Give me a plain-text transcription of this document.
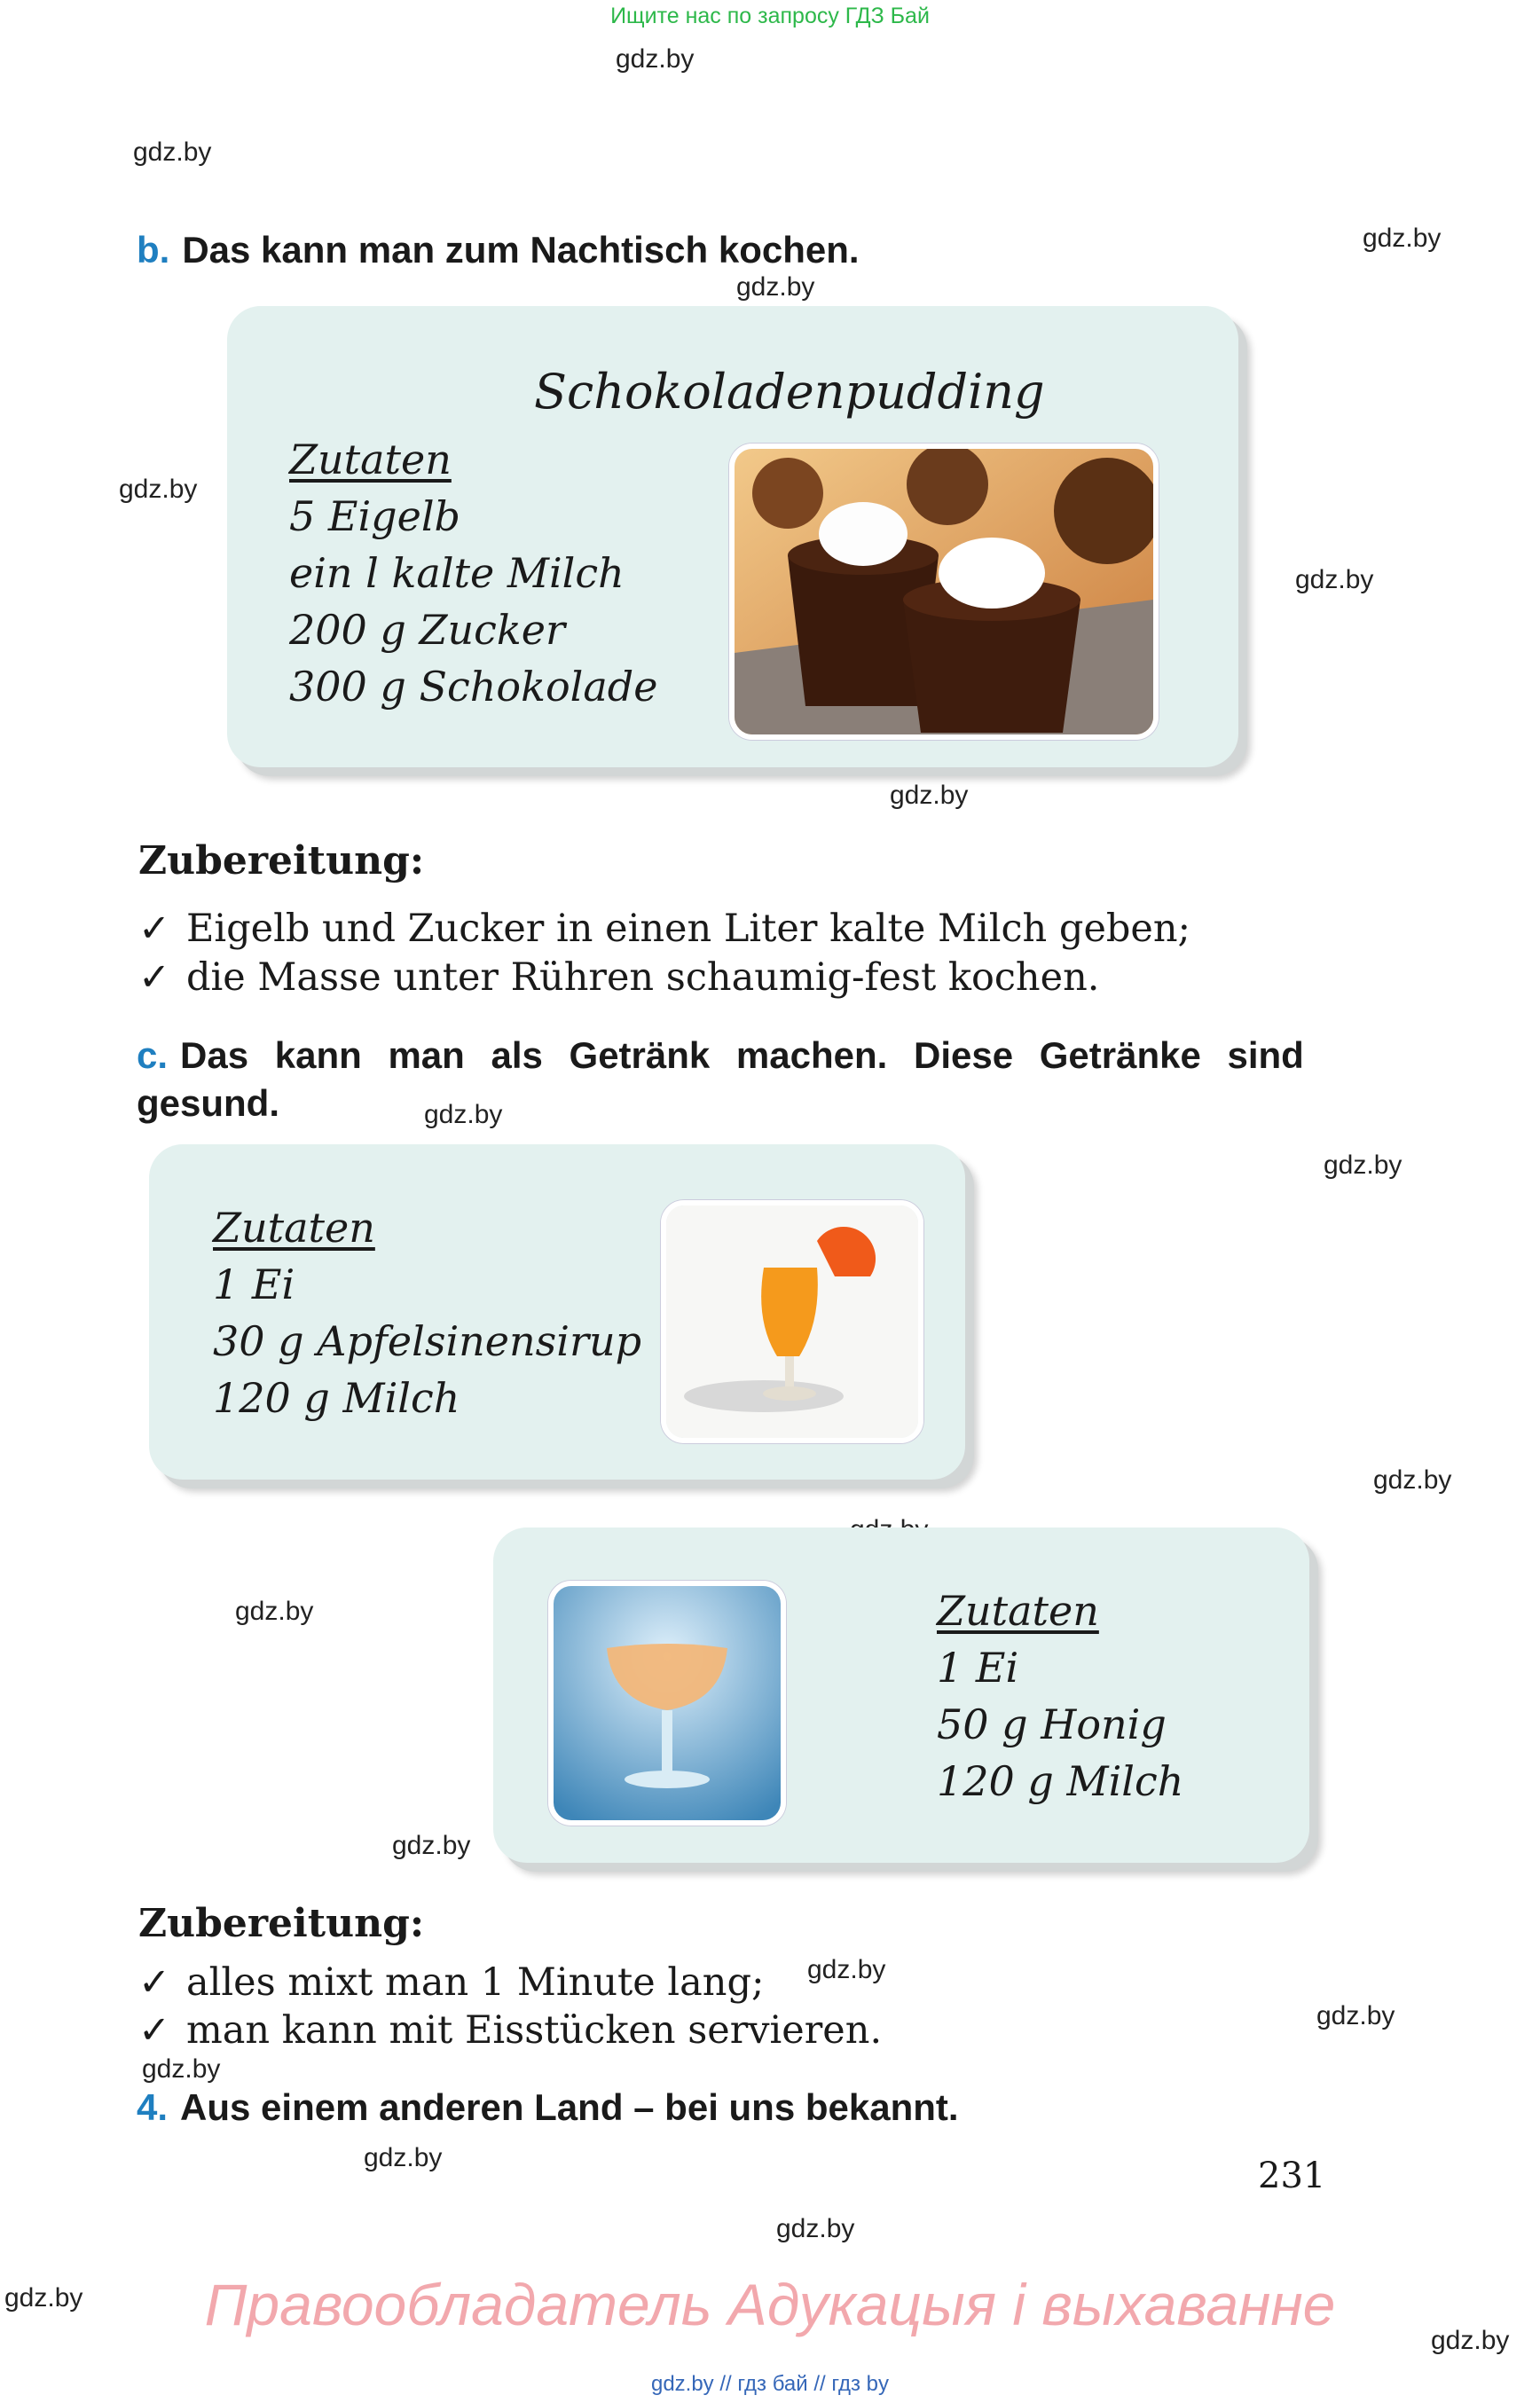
Ищите нас по запросу ГДЗ Бай
gdz.by
gdz.by
gdz.by
gdz.by
gdz.by
gdz.by
gdz.by
gdz.by
gdz.by
gdz.by
gdz.by
gdz.by
gdz.by
gdz.by
gdz.by
gdz.by
gdz.by
gdz.by
gdz.by
b. Das kann man zum Nachtisch kochen.
Schokoladenpudding
Zutaten
5 Eigelb
ein l kalte Milch
200 g Zucker
300 g Schokolade
Zubereitung:
✓ Eigelb und Zucker in einen Liter kalte Milch geben;
✓ die Masse unter Rühren schaumig-fest kochen.
c. Das kann man als Getränk machen. Diese Getränke sind
gesund.
Zutaten
1 Ei
30 g Apfelsinensirup
120 g Milch
Zutaten
1 Ei
50 g Honig
120 g Milch
Zubereitung:
✓ alles mixt man 1 Minute lang;
✓ man kann mit Eisstücken servieren.
4. Aus einem anderen Land – bei uns bekannt.
231
Правообладатель Адукацыя і выхаванне
gdz.by // гдз бай // гдз by
